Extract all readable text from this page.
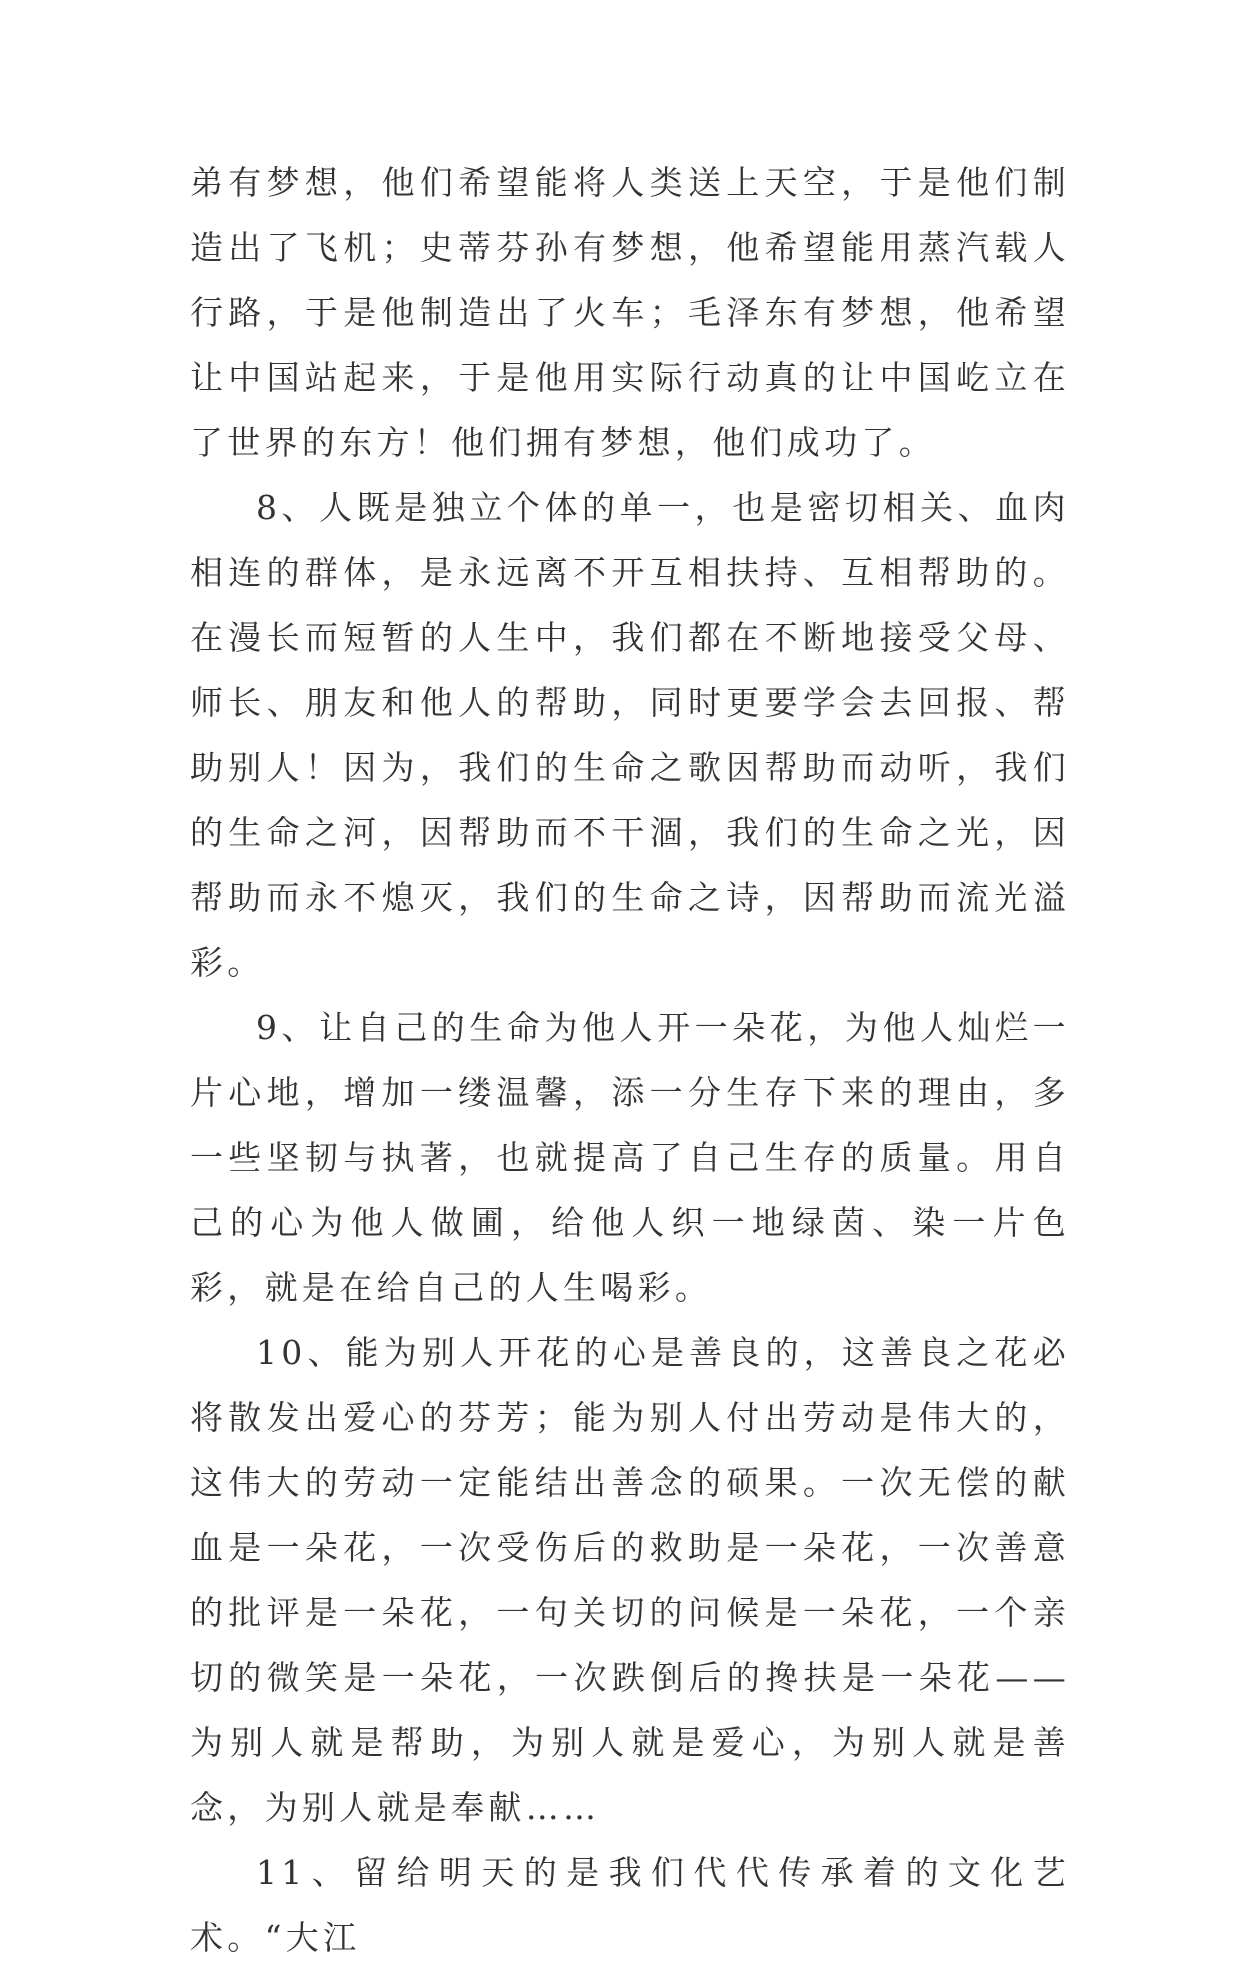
弟有梦想，他们希望能将人类送上天空，于是他们制造出了飞机；史蒂芬孙有梦想，他希望能用蒸汽载人行路，于是他制造出了火车；毛泽东有梦想，他希望让中国站起来，于是他用实际行动真的让中国屹立在了世界的东方！他们拥有梦想，他们成功了。

8、人既是独立个体的单一，也是密切相关、血肉相连的群体，是永远离不开互相扶持、互相帮助的。在漫长而短暂的人生中，我们都在不断地接受父母、师长、朋友和他人的帮助，同时更要学会去回报、帮助别人！因为，我们的生命之歌因帮助而动听，我们的生命之河，因帮助而不干涸，我们的生命之光，因帮助而永不熄灭，我们的生命之诗，因帮助而流光溢彩。

9、让自己的生命为他人开一朵花，为他人灿烂一片心地，增加一缕温馨，添一分生存下来的理由，多一些坚韧与执著，也就提高了自己生存的质量。用自己的心为他人做圃，给他人织一地绿茵、染一片色彩，就是在给自己的人生喝彩。

10、能为别人开花的心是善良的，这善良之花必将散发出爱心的芬芳；能为别人付出劳动是伟大的，这伟大的劳动一定能结出善念的硕果。一次无偿的献血是一朵花，一次受伤后的救助是一朵花，一次善意的批评是一朵花，一句关切的问候是一朵花，一个亲切的微笑是一朵花，一次跌倒后的搀扶是一朵花——为别人就是帮助，为别人就是爱心，为别人就是善念，为别人就是奉献……

11、留给明天的是我们代代传承着的文化艺术。“大江
